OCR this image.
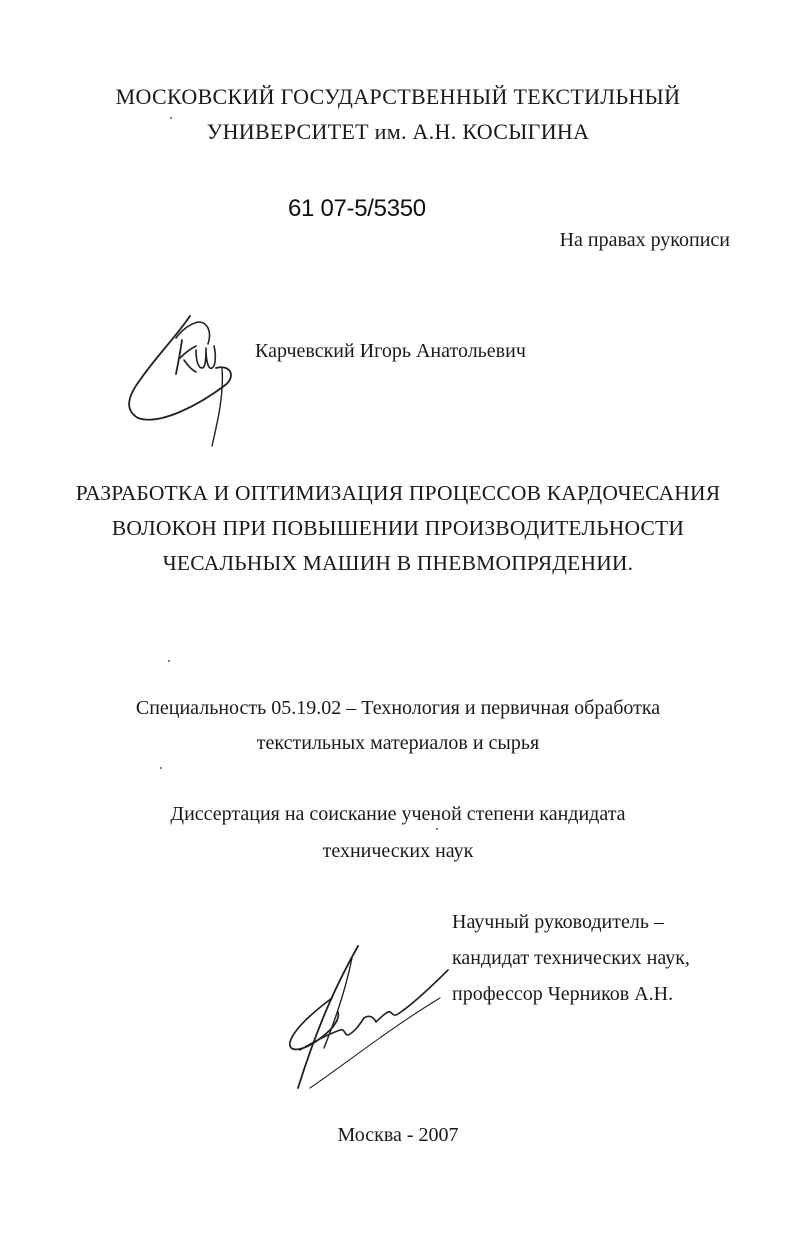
МОСКОВСКИЙ ГОСУДАРСТВЕННЫЙ ТЕКСТИЛЬНЫЙ
УНИВЕРСИТЕТ им. А.Н. КОСЫГИНА
61 07-5/5350
На правах рукописи
Карчевский Игорь Анатольевич
РАЗРАБОТКА И ОПТИМИЗАЦИЯ ПРОЦЕССОВ КАРДОЧЕСАНИЯ
ВОЛОКОН ПРИ ПОВЫШЕНИИ ПРОИЗВОДИТЕЛЬНОСТИ
ЧЕСАЛЬНЫХ МАШИН В ПНЕВМОПРЯДЕНИИ.
Специальность 05.19.02 – Технология и первичная обработка
текстильных материалов и сырья
Диссертация на соискание ученой степени кандидата
технических наук
Научный руководитель –
кандидат технических наук,
профессор Черников А.Н.
Москва - 2007
